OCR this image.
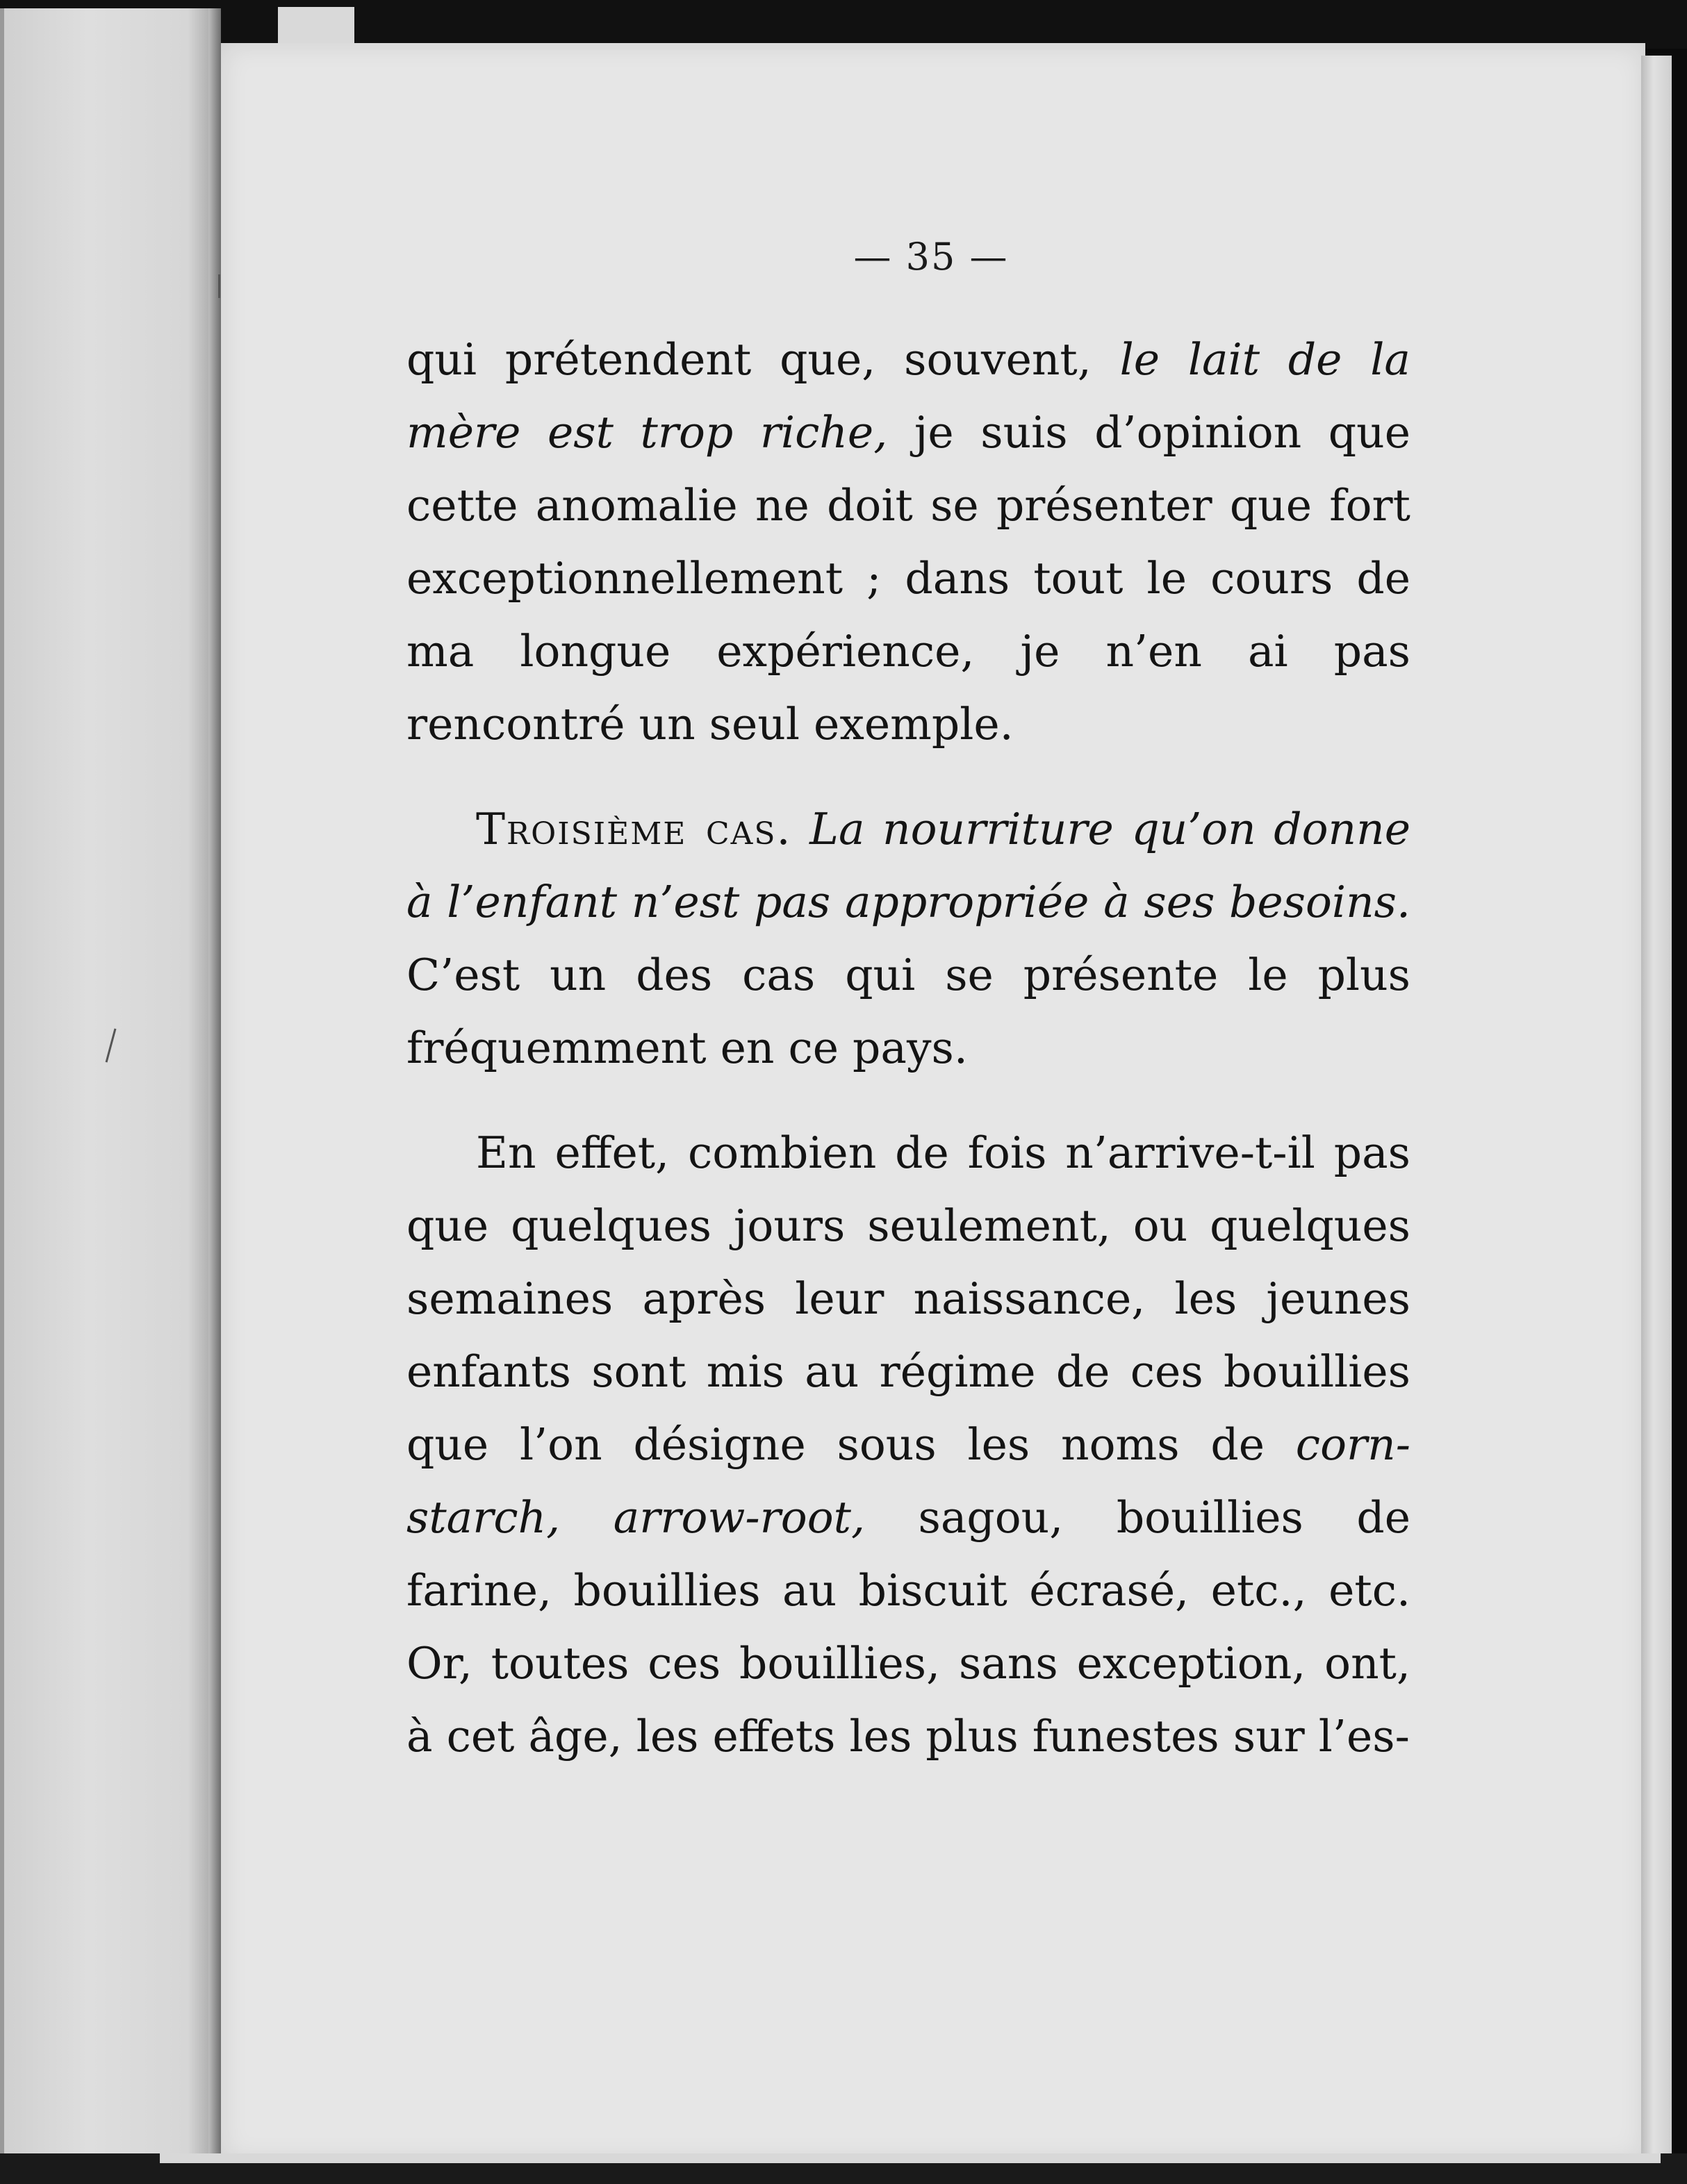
— 35 —

qui prétendent que, souvent, le lait de la mère est trop riche, je suis d’opinion que cette anomalie ne doit se présenter que fort exceptionnellement ; dans tout le cours de ma longue expérience, je n’en ai pas rencontré un seul exemple.

Troisième cas. La nourriture qu’on donne à l’enfant n’est pas appropriée à ses besoins. C’est un des cas qui se présente le plus fréquemment en ce pays.

En effet, combien de fois n’arrive-t-il pas que quelques jours seulement, ou quelques semaines après leur naissance, les jeunes enfants sont mis au régime de ces bouillies que l’on désigne sous les noms de corn-starch, arrow-root, sagou, bouillies de farine, bouillies au biscuit écrasé, etc., etc. Or, toutes ces bouillies, sans exception, ont, à cet âge, les effets les plus funestes sur l’es-
